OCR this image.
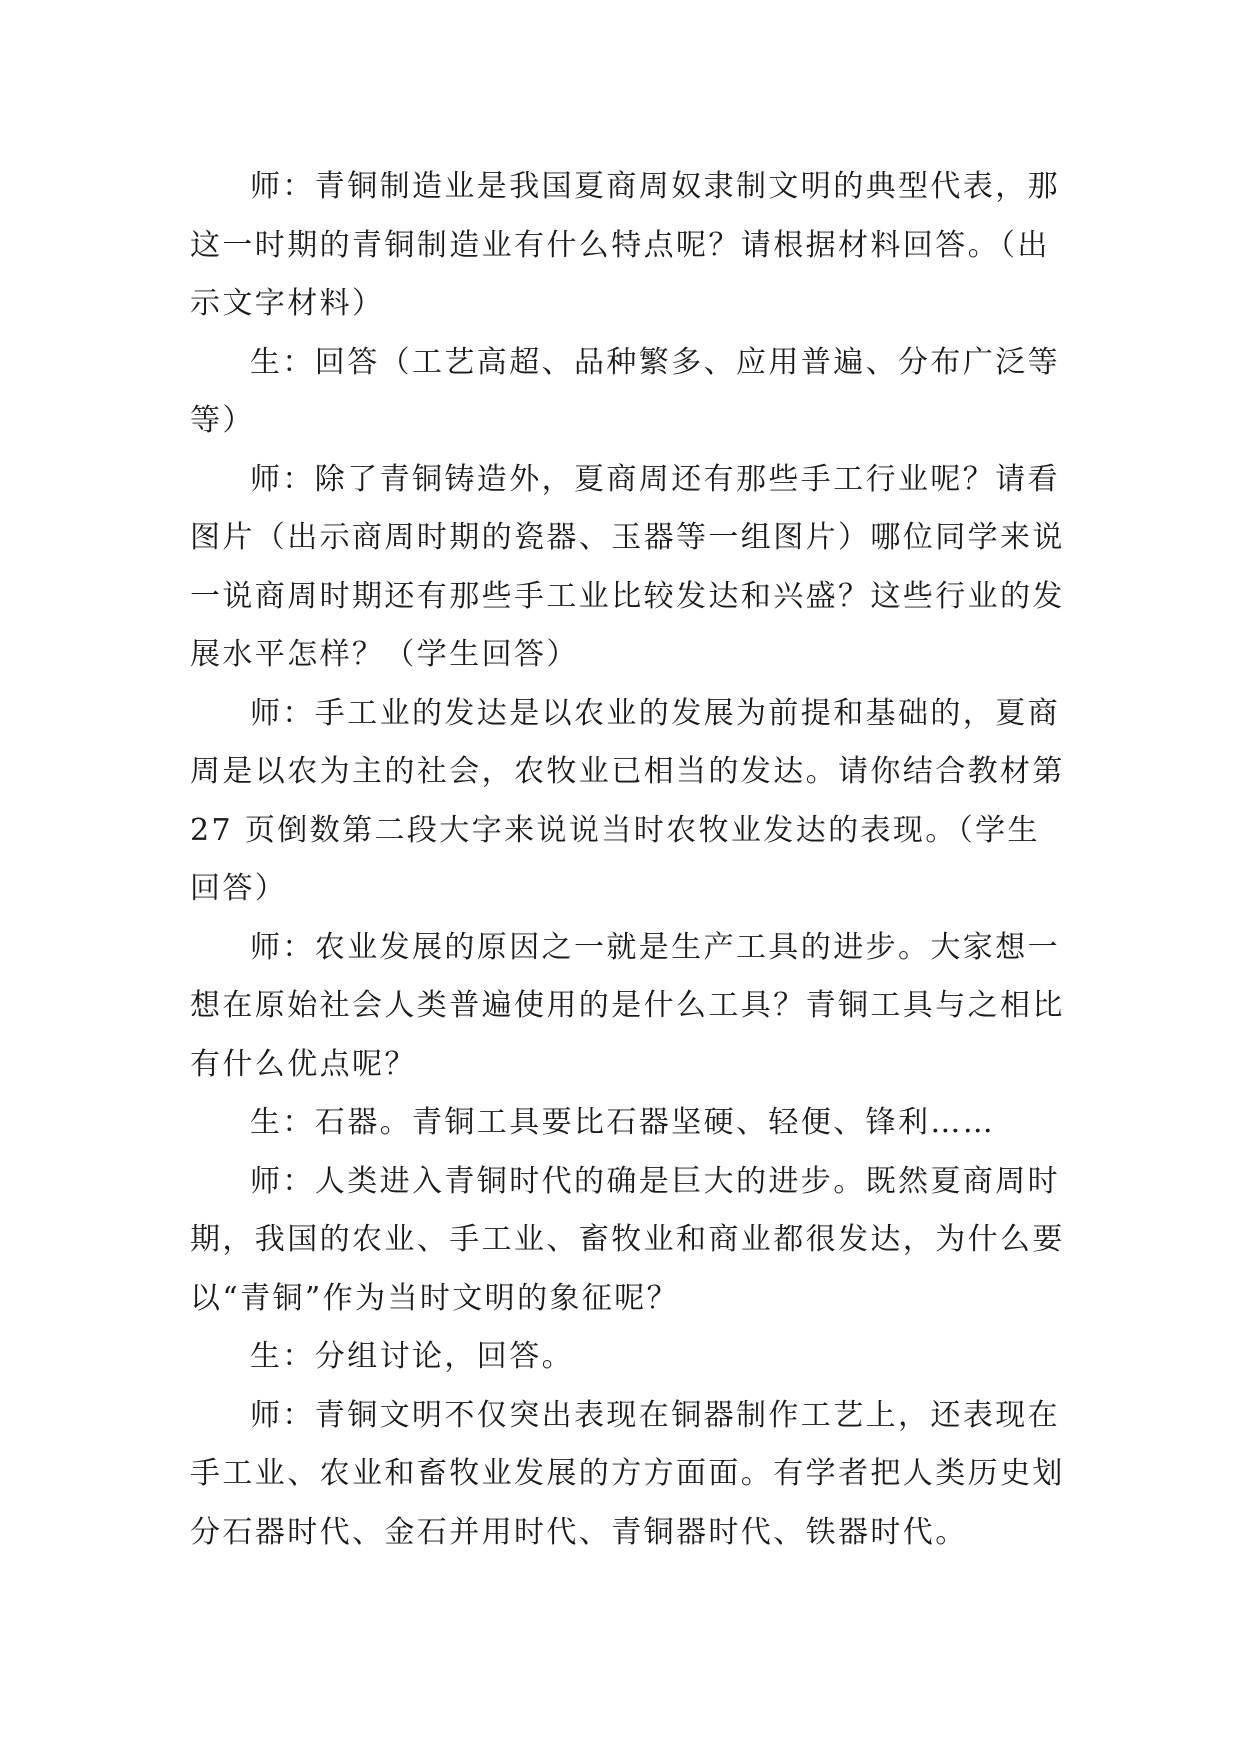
师：青铜制造业是我国夏商周奴隶制文明的典型代表，那这一时期的青铜制造业有什么特点呢？请根据材料回答。（出示文字材料）

生：回答（工艺高超、品种繁多、应用普遍、分布广泛等等）

师：除了青铜铸造外，夏商周还有那些手工行业呢？请看图片（出示商周时期的瓷器、玉器等一组图片）哪位同学来说一说商周时期还有那些手工业比较发达和兴盛？这些行业的发展水平怎样？（学生回答）

师：手工业的发达是以农业的发展为前提和基础的，夏商周是以农为主的社会，农牧业已相当的发达。请你结合教材第 27 页倒数第二段大字来说说当时农牧业发达的表现。（学生回答）

师：农业发展的原因之一就是生产工具的进步。大家想一想在原始社会人类普遍使用的是什么工具？青铜工具与之相比有什么优点呢？

生：石器。青铜工具要比石器坚硬、轻便、锋利……

师：人类进入青铜时代的确是巨大的进步。既然夏商周时期，我国的农业、手工业、畜牧业和商业都很发达，为什么要以“青铜”作为当时文明的象征呢？

生：分组讨论，回答。

师：青铜文明不仅突出表现在铜器制作工艺上，还表现在手工业、农业和畜牧业发展的方方面面。有学者把人类历史划分石器时代、金石并用时代、青铜器时代、铁器时代。
